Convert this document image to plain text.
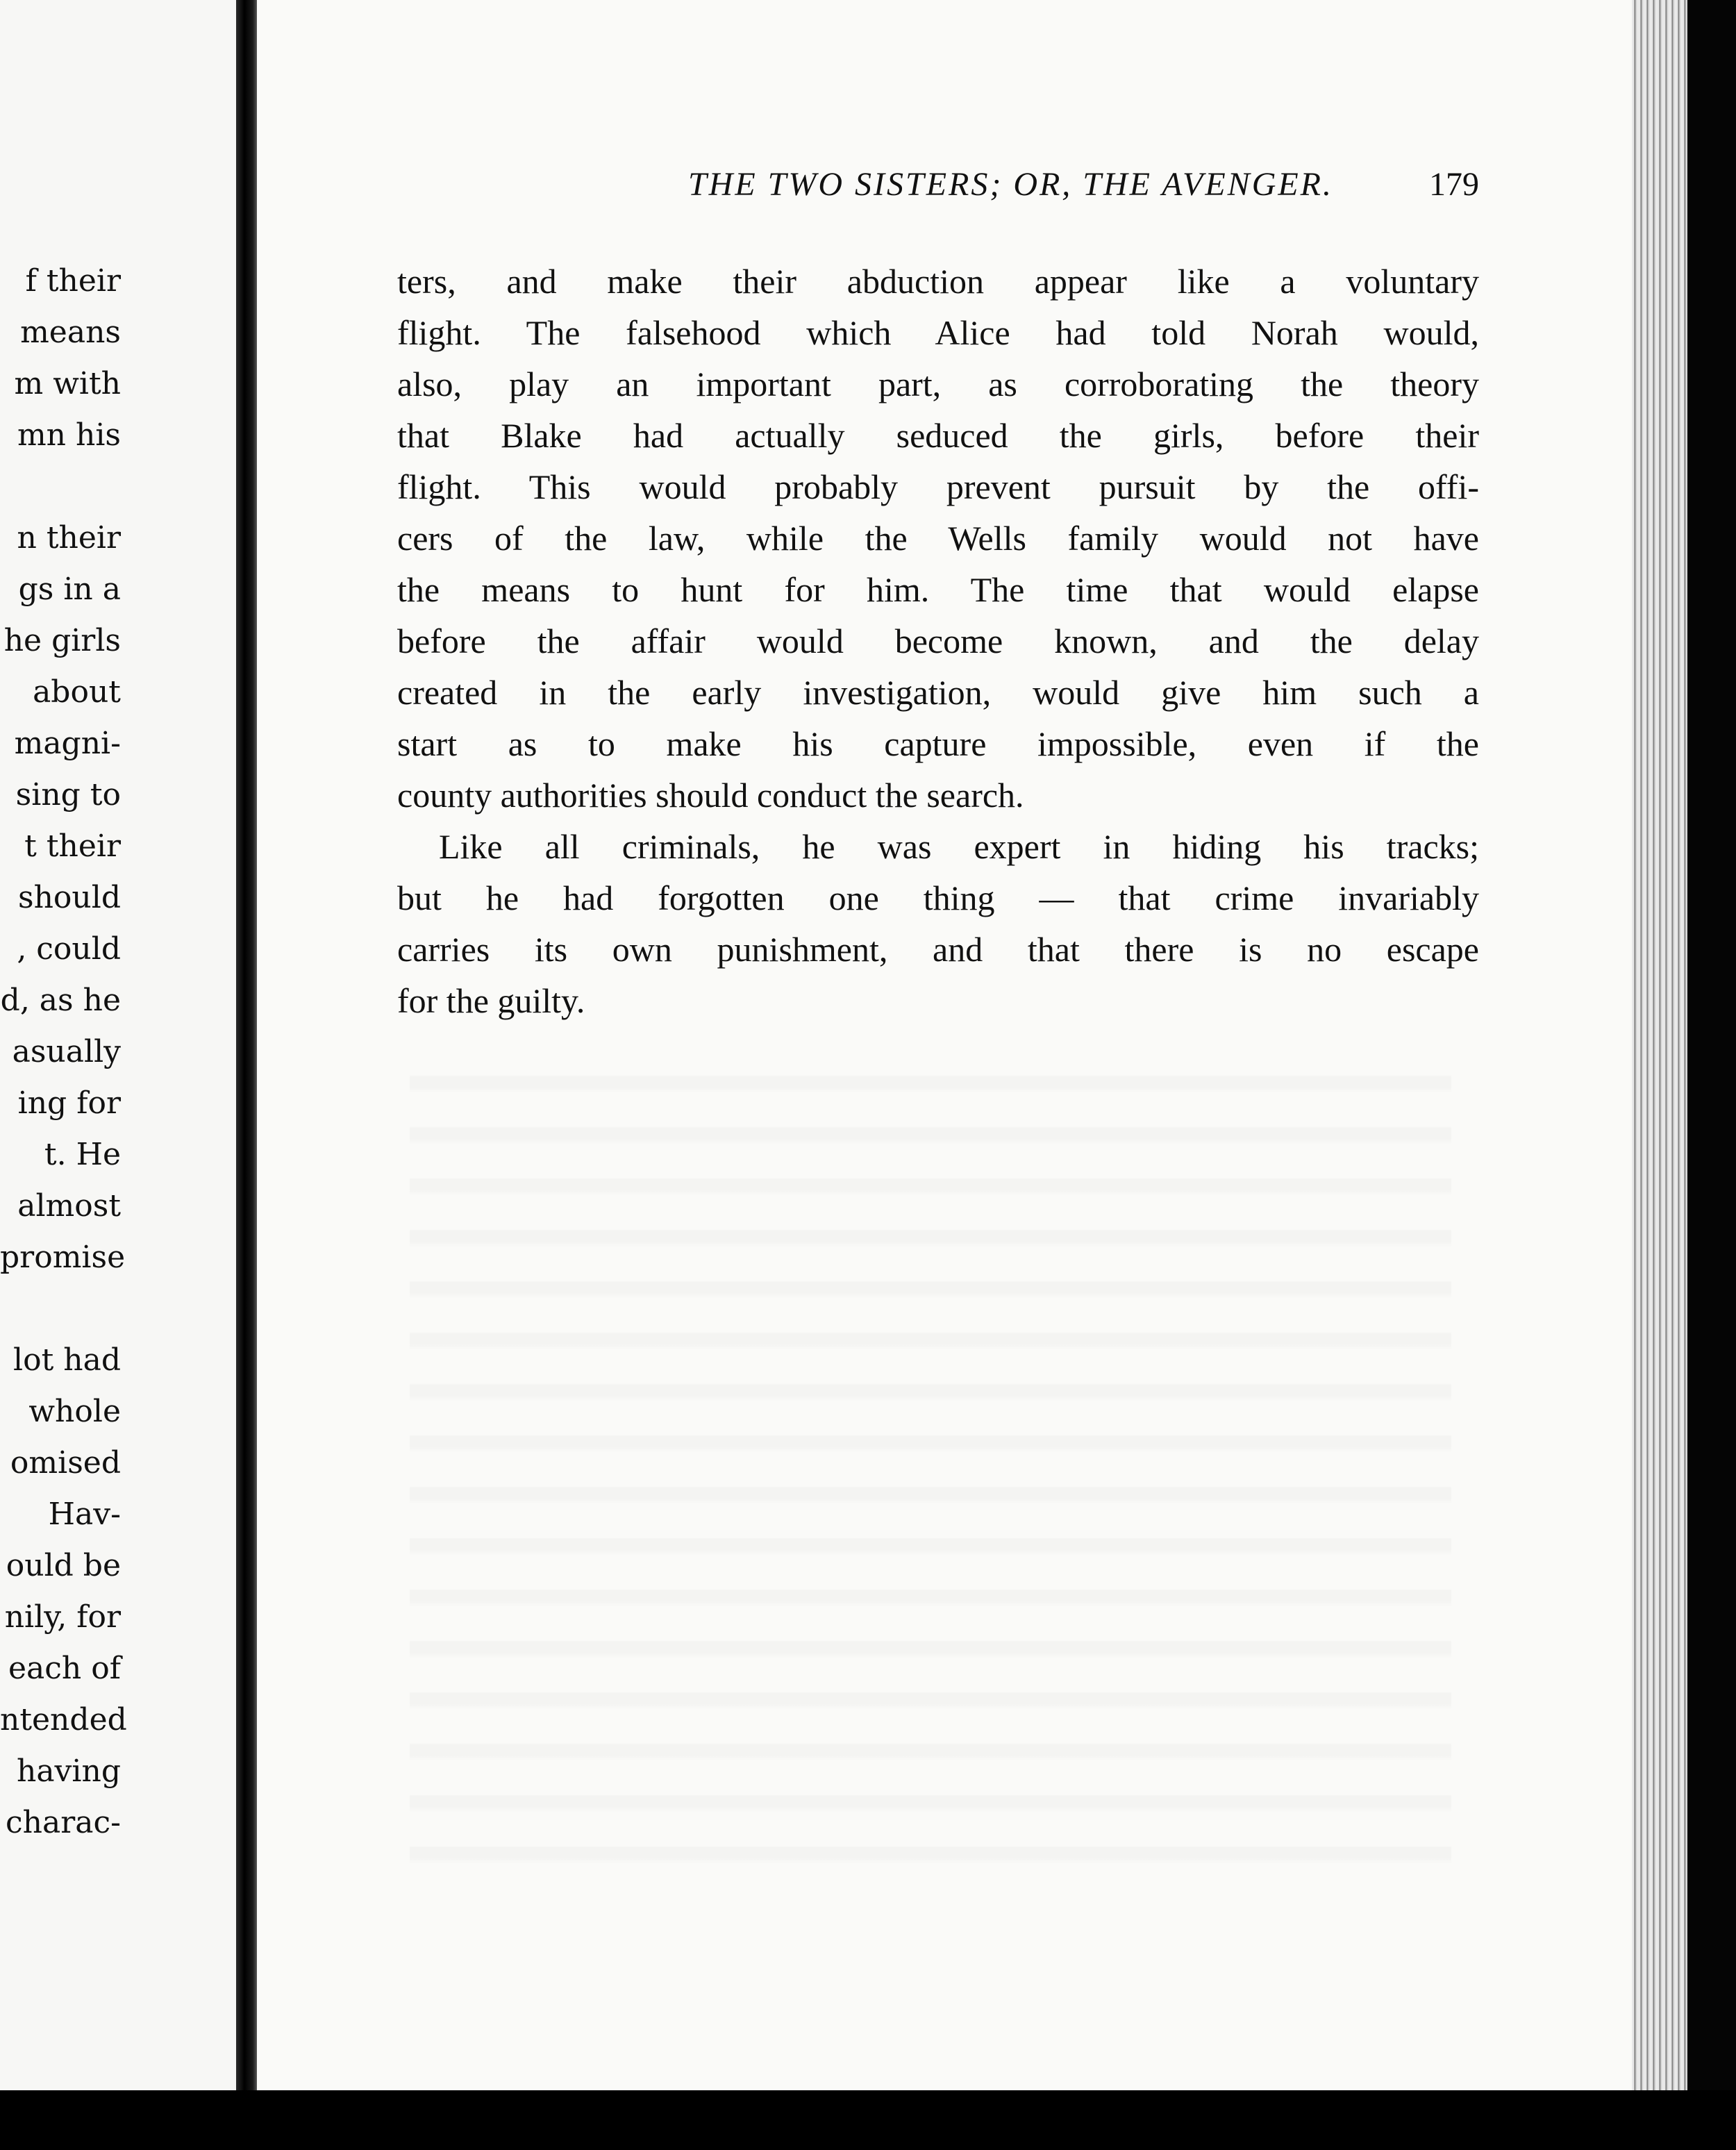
f their
means
m with
mn his
n their
gs in a
he girls
about
magni-
sing to
t their
should
, could
d, as he
asually
ing for
t. He
almost
promise
lot had
whole
omised
Hav-
ould be
nily, for
each of
ntended
having
charac-
THE TWO SISTERS; OR, THE AVENGER.	179
ters, and make their abduction appear like a voluntary
flight. The falsehood which Alice had told Norah would,
also, play an important part, as corroborating the theory
that Blake had actually seduced the girls, before their
flight. This would probably prevent pursuit by the offi-
cers of the law, while the Wells family would not have
the means to hunt for him. The time that would elapse
before the affair would become known, and the delay
created in the early investigation, would give him such a
start as to make his capture impossible, even if the
county authorities should conduct the search.
Like all criminals, he was expert in hiding his tracks;
but he had forgotten one thing — that crime invariably
carries its own punishment, and that there is no escape
for the guilty.
